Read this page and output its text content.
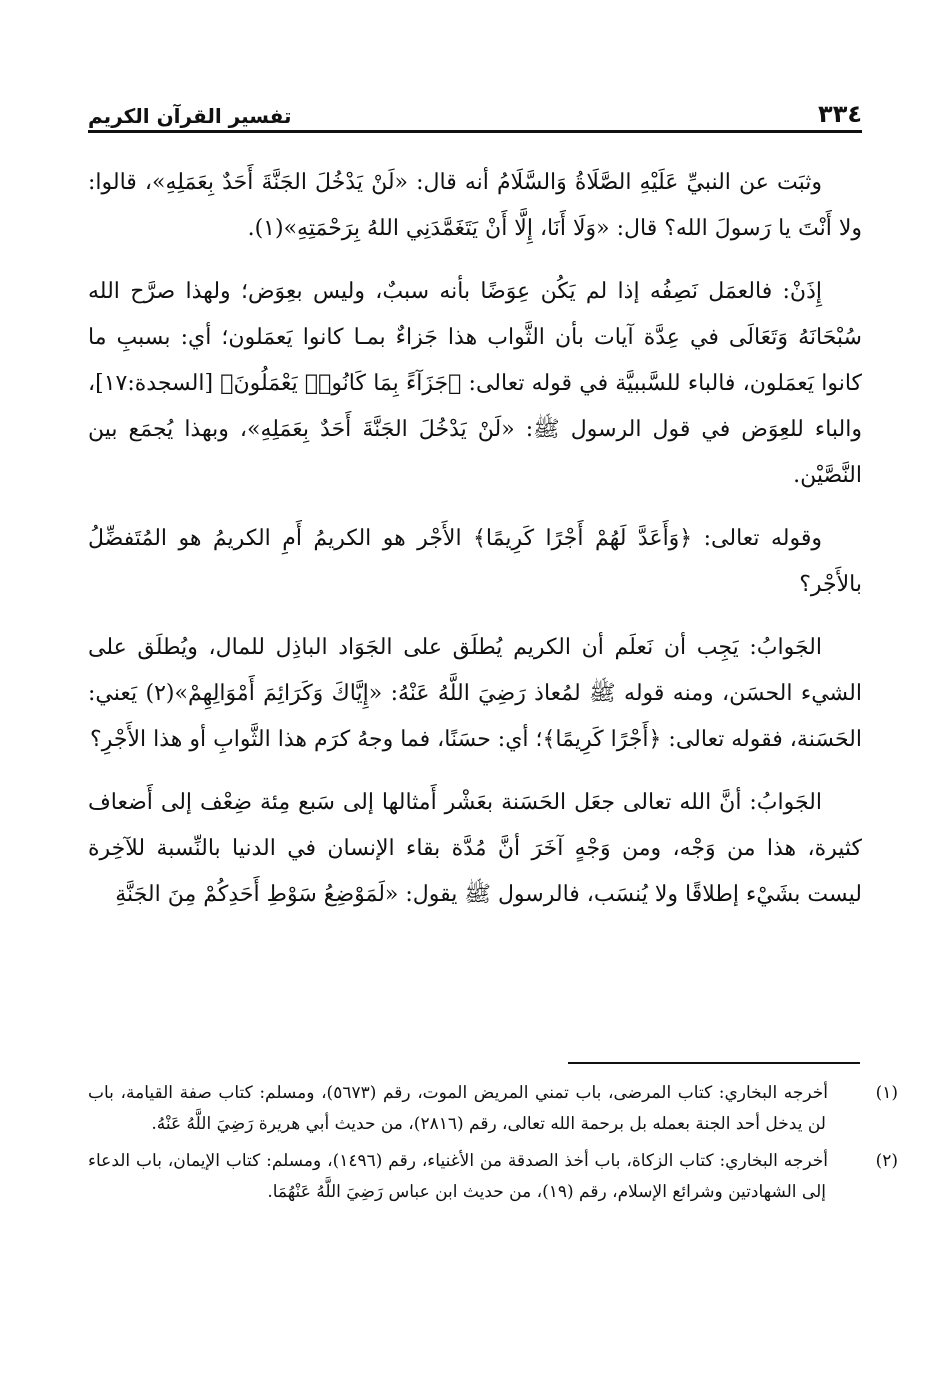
٣٣٤
تفسير القرآن الكريم

وثبَت عن النبيِّ عَلَيْهِ الصَّلَاةُ وَالسَّلَامُ أنه قال: «لَنْ يَدْخُلَ الجَنَّةَ أَحَدٌ بِعَمَلِهِ»، قالوا: ولا أَنْتَ يا رَسولَ الله؟ قال: «وَلَا أَنَا، إِلَّا أَنْ يَتَغَمَّدَنِي اللهُ بِرَحْمَتِهِ»(١).

إِذَنْ: فالعمَل نَصِفُه إذا لم يَكُن عِوَضًا بأنه سببٌ، وليس بعِوَض؛ ولهذا صرَّح الله سُبْحَانَهُ وَتَعَالَى في عِدَّة آيات بأن الثَّواب هذا جَزاءٌ بمـا كانوا يَعمَلون؛ أي: بسببِ ما كانوا يَعمَلون، فالباء للسَّببيَّة في قوله تعالى: ﴿جَزَآءً بِمَا كَانُوا۟ يَعْمَلُونَ﴾ [السجدة:١٧]، والباء للعِوَض في قول الرسول ﷺ: «لَنْ يَدْخُلَ الجَنَّةَ أَحَدٌ بِعَمَلِهِ»، وبهذا يُجمَع بين النَّصَّيْن.

وقوله تعالى: ﴿وَأَعَدَّ لَهُمْ أَجْرًا كَرِيمًا﴾ الأَجْر هو الكريمُ أَمِ الكريمُ هو المُتَفضِّلُ بالأَجْر؟

الجَوابُ: يَجِب أن نَعلَم أن الكريم يُطلَق على الجَوَاد الباذِل للمال، ويُطلَق على الشيء الحسَن، ومنه قوله ﷺ لمُعاذ رَضِيَ اللَّهُ عَنْهُ: «إِيَّاكَ وَكَرَائِمَ أَمْوَالِهِمْ»(٢) يَعني: الحَسَنة، فقوله تعالى: ﴿أَجْرًا كَرِيمًا﴾؛ أي: حسَنًا، فما وجهُ كرَم هذا الثَّوابِ أو هذا الأَجْرِ؟

الجَوابُ: أنَّ الله تعالى جعَل الحَسَنة بعَشْر أَمثالها إلى سَبع مِئة ضِعْف إلى أَضعاف كثيرة، هذا من وَجْه، ومن وَجْهٍ آخَرَ أنَّ مُدَّة بقاء الإنسان في الدنيا بالنِّسبة للآخِرة ليست بشَيْء إطلاقًا ولا يُنسَب، فالرسول ﷺ يقول: «لَمَوْضِعُ سَوْطِ أَحَدِكُمْ مِنَ الجَنَّةِ

(١)أخرجه البخاري: كتاب المرضى، باب تمني المريض الموت، رقم (٥٦٧٣)، ومسلم: كتاب صفة القيامة، باب لن يدخل أحد الجنة بعمله بل برحمة الله تعالى، رقم (٢٨١٦)، من حديث أبي هريرة رَضِيَ اللَّهُ عَنْهُ.

(٢)أخرجه البخاري: كتاب الزكاة، باب أخذ الصدقة من الأغنياء، رقم (١٤٩٦)، ومسلم: كتاب الإيمان، باب الدعاء إلى الشهادتين وشرائع الإسلام، رقم (١٩)، من حديث ابن عباس رَضِيَ اللَّهُ عَنْهُمَا.
